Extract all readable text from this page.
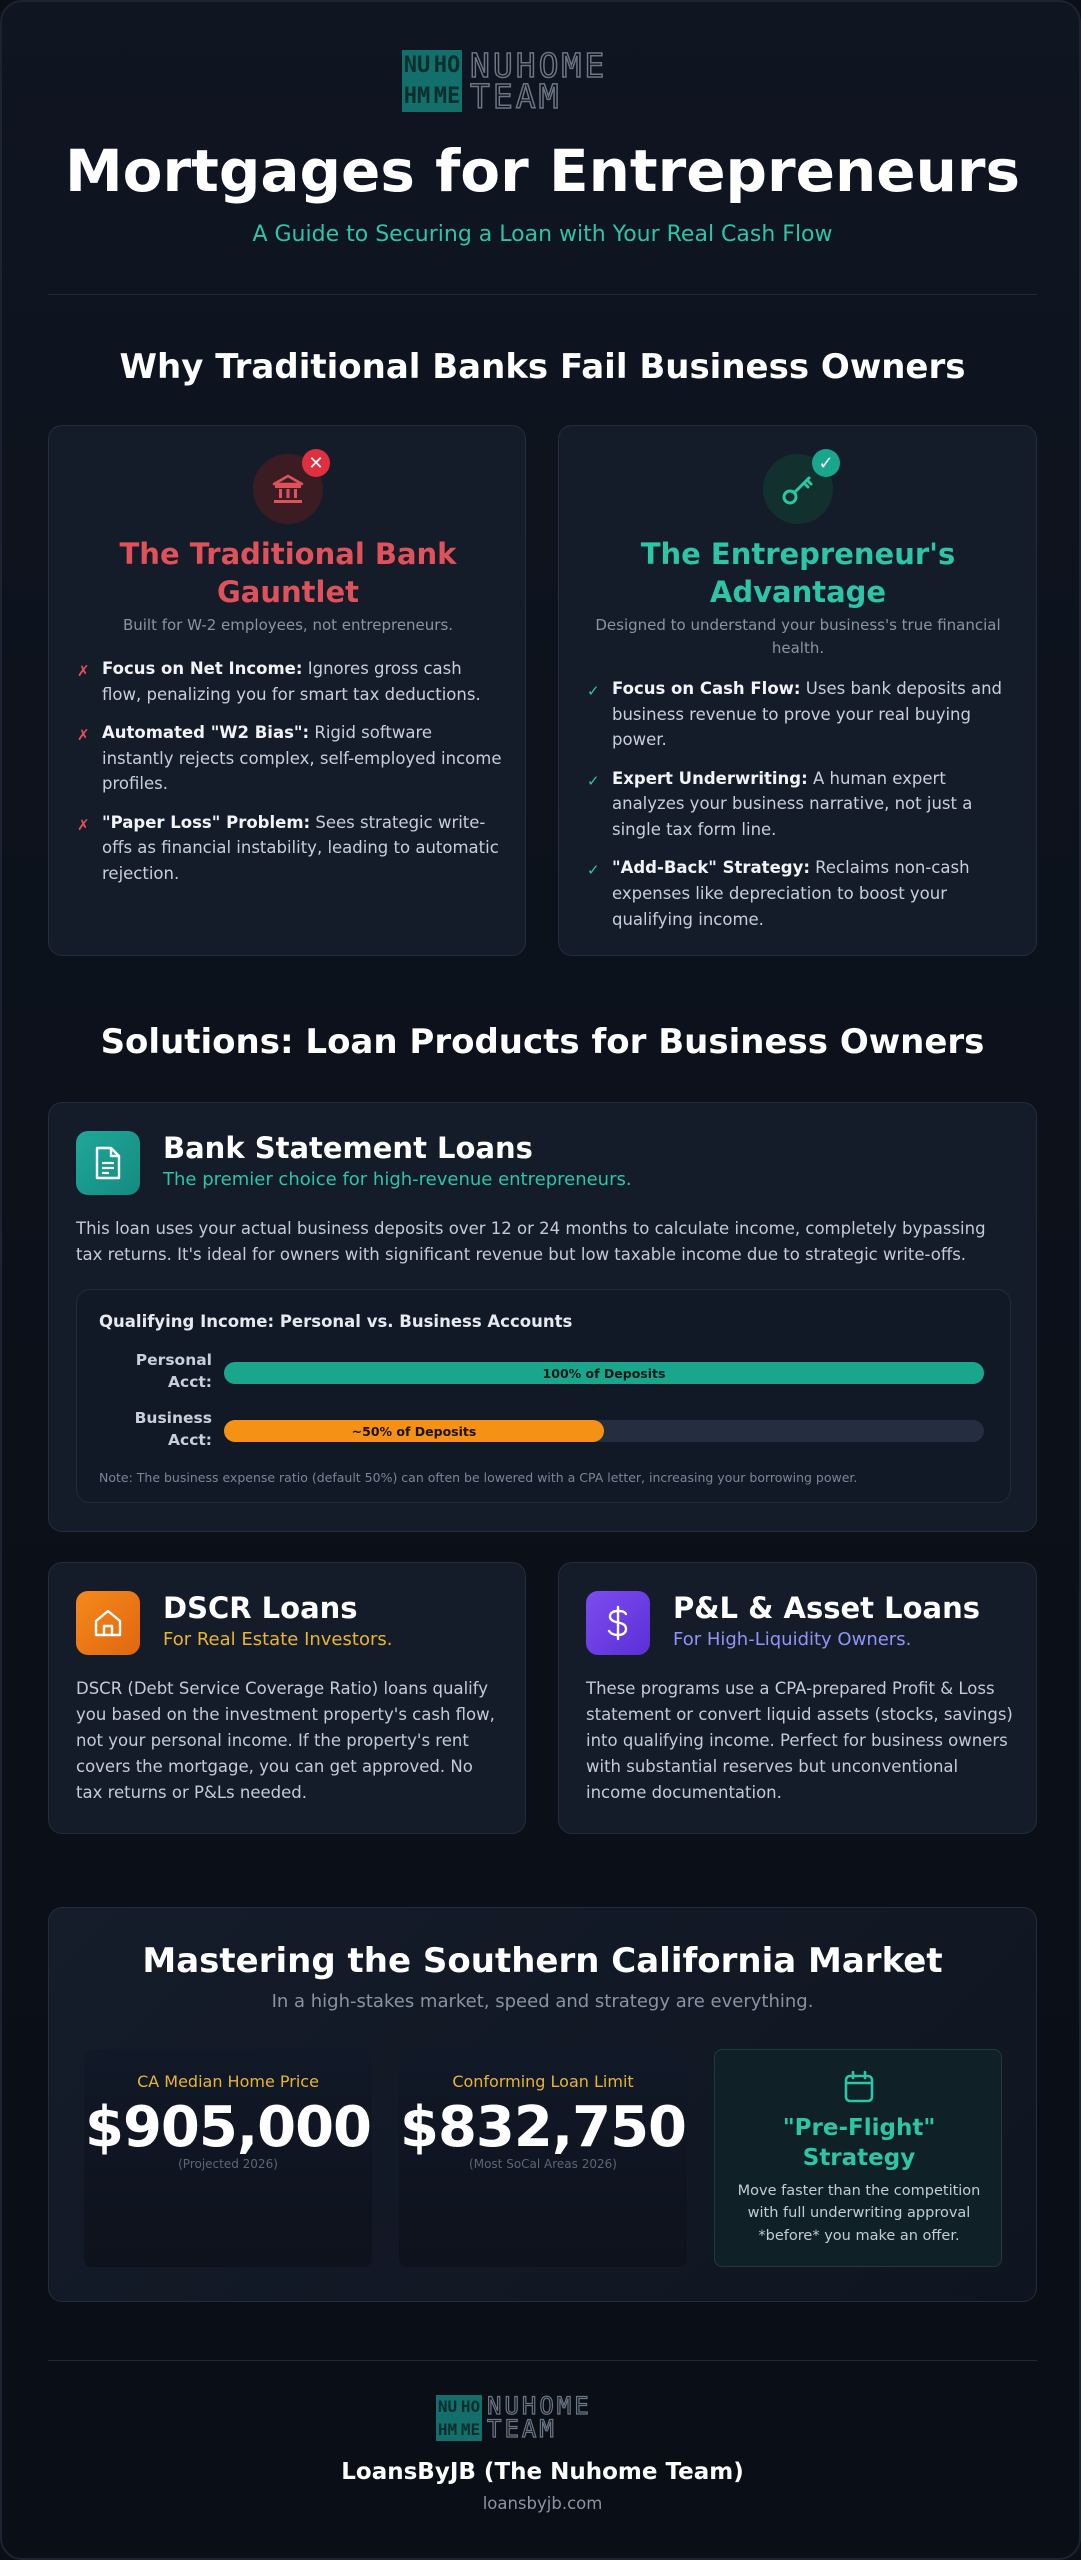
NU HO
HM ME
NUHOME
TEAM
Mortgages for Entrepreneurs
A Guide to Securing a Loan with Your Real Cash Flow
Why Traditional Banks Fail Business Owners
✕
The Traditional Bank Gauntlet
Built for W-2 employees, not entrepreneurs.
✗ Focus on Net Income: Ignores gross cash flow, penalizing you for smart tax deductions.
✗ Automated "W2 Bias": Rigid software instantly rejects complex, self-employed income profiles.
✗ "Paper Loss" Problem: Sees strategic write-offs as financial instability, leading to automatic rejection.
✓
The Entrepreneur's Advantage
Designed to understand your business's true financial health.
✓ Focus on Cash Flow: Uses bank deposits and business revenue to prove your real buying power.
✓ Expert Underwriting: A human expert analyzes your business narrative, not just a single tax form line.
✓ "Add-Back" Strategy: Reclaims non-cash expenses like depreciation to boost your qualifying income.
Solutions: Loan Products for Business Owners
Bank Statement Loans
The premier choice for high-revenue entrepreneurs.
This loan uses your actual business deposits over 12 or 24 months to calculate income, completely bypassing tax returns. It's ideal for owners with significant revenue but low taxable income due to strategic write-offs.
Qualifying Income: Personal vs. Business Accounts
Personal
Acct:	100% of Deposits
Business
Acct:	~50% of Deposits
Note: The business expense ratio (default 50%) can often be lowered with a CPA letter, increasing your borrowing power.
DSCR Loans
For Real Estate Investors.
DSCR (Debt Service Coverage Ratio) loans qualify you based on the investment property's cash flow, not your personal income. If the property's rent covers the mortgage, you can get approved. No tax returns or P&Ls needed.
P&L & Asset Loans
For High-Liquidity Owners.
These programs use a CPA-prepared Profit & Loss statement or convert liquid assets (stocks, savings) into qualifying income. Perfect for business owners with substantial reserves but unconventional income documentation.
Mastering the Southern California Market
In a high-stakes market, speed and strategy are everything.
CA Median Home Price
$905,000
(Projected 2026)
Conforming Loan Limit
$832,750
(Most SoCal Areas 2026)
"Pre-Flight" Strategy
Move faster than the competition with full underwriting approval *before* you make an offer.
NU HO
HM ME
NUHOME
TEAM
LoansByJB (The Nuhome Team)
loansbyjb.com
